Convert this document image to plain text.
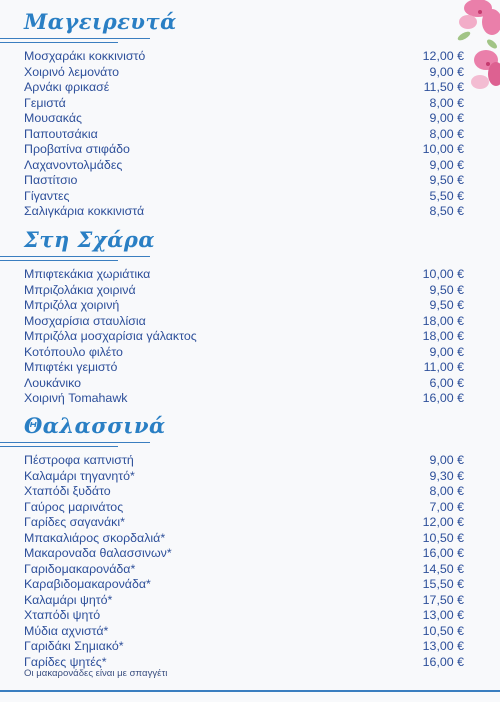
Μαγειρευτά
Μοσχαράκι κοκκινιστό	12,00 €
Χοιρινό λεμονάτο	9,00 €
Αρνάκι φρικασέ	11,50 €
Γεμιστά	8,00 €
Μουσακάς	9,00 €
Παπουτσάκια	8,00 €
Προβατίνα στιφάδο	10,00 €
Λαχανοντολμάδες	9,00 €
Παστίτσιο	9,50 €
Γίγαντες	5,50 €
Σαλιγκάρια κοκκινιστά	8,50 €
Στη Σχάρα
Μπιφτεκάκια χωριάτικα	10,00 €
Μπριζολάκια χοιρινά	9,50 €
Μπριζόλα χοιρινή	9,50 €
Μοσχαρίσια σταυλίσια	18,00 €
Μπριζόλα μοσχαρίσια γάλακτος	18,00 €
Κοτόπουλο φιλέτο	9,00 €
Μπιφτέκι γεμιστό	11,00 €
Λουκάνικο	6,00 €
Χοιρινή Tomahawk	16,00 €
Θαλασσινά
Πέστροφα καπνιστή	9,00 €
Καλαμάρι τηγανητό*	9,30 €
Χταπόδι ξυδάτο	8,00 €
Γαύρος μαρινάτος	7,00 €
Γαρίδες σαγανάκι*	12,00 €
Μπακαλιάρος σκορδαλιά*	10,50 €
Μακαροναδα θαλασσινων*	16,00 €
Γαριδομακαρονάδα*	14,50 €
Καραβιδομακαρονάδα*	15,50 €
Καλαμάρι ψητό*	17,50 €
Χταπόδι ψητό	13,00 €
Μύδια αχνιστά*	10,50 €
Γαριδάκι Σημιακό*	13,00 €
Γαρίδες ψητές*	16,00 €
Οι μακαρονάδες είναι με σπαγγέτι
